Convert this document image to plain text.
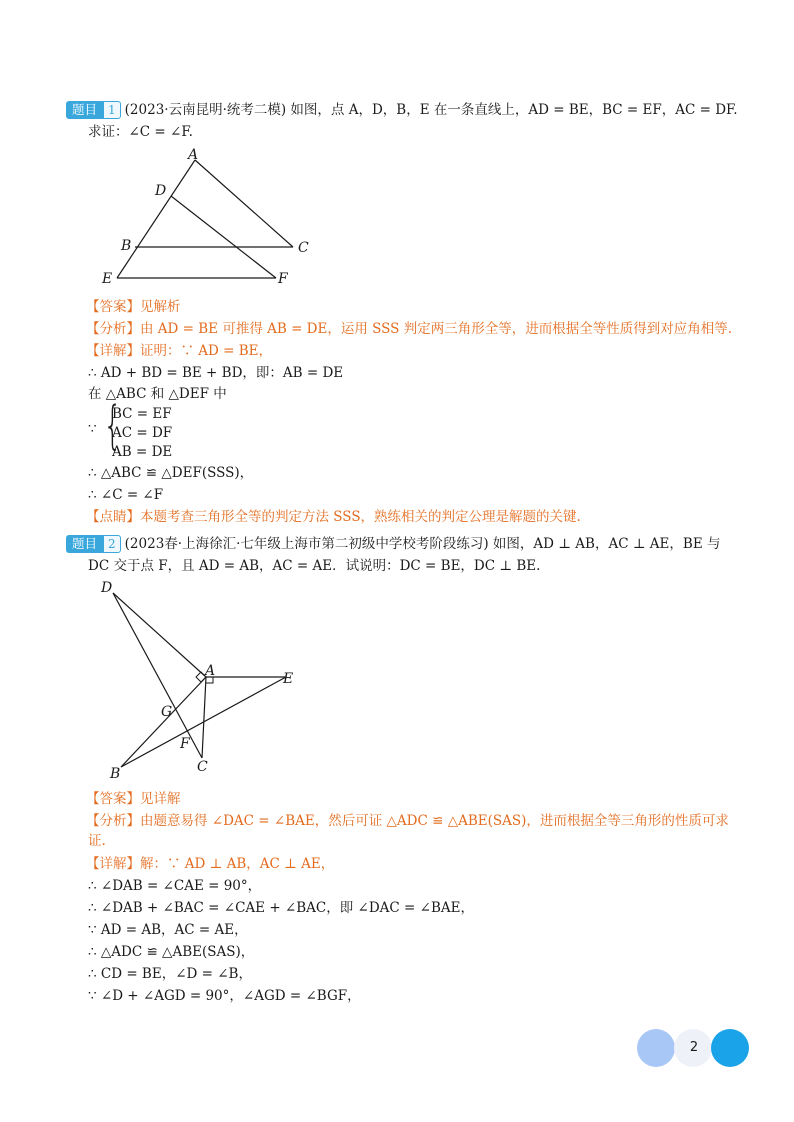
题目 1 (2023·云南昆明·统考二模) 如图，点 A，D，B，E 在一条直线上，AD = BE，BC = EF，AC = DF.
求证：∠C = ∠F.
A
D
B	C
E	F
【答案】见解析
【分析】由 AD = BE 可推得 AB = DE，运用 SSS 判定两三角形全等，进而根据全等性质得到对应角相等.
【详解】证明：∵ AD = BE，
∴ AD + BD = BE + BD，即：AB = DE
在 △ABC 和 △DEF 中
∵ {
BC = EF
AC = DF
AB = DE
∴ △ABC ≌ △DEF(SSS)，
∴ ∠C = ∠F
【点睛】本题考查三角形全等的判定方法 SSS，熟练相关的判定公理是解题的关键.
题目 2 (2023春·上海徐汇·七年级上海市第二初级中学校考阶段练习) 如图，AD ⊥ AB，AC ⊥ AE，BE 与
DC 交于点 F，且 AD = AB，AC = AE．试说明：DC = BE，DC ⊥ BE.
D
A	E
G
F
B	C
【答案】见详解
【分析】由题意易得 ∠DAC = ∠BAE，然后可证 △ADC ≌ △ABE(SAS)，进而根据全等三角形的性质可求
证.
【详解】解：∵ AD ⊥ AB，AC ⊥ AE，
∴ ∠DAB = ∠CAE = 90°，
∴ ∠DAB + ∠BAC = ∠CAE + ∠BAC，即 ∠DAC = ∠BAE，
∵ AD = AB，AC = AE，
∴ △ADC ≌ △ABE(SAS)，
∴ CD = BE，∠D = ∠B，
∵ ∠D + ∠AGD = 90°，∠AGD = ∠BGF，
2
